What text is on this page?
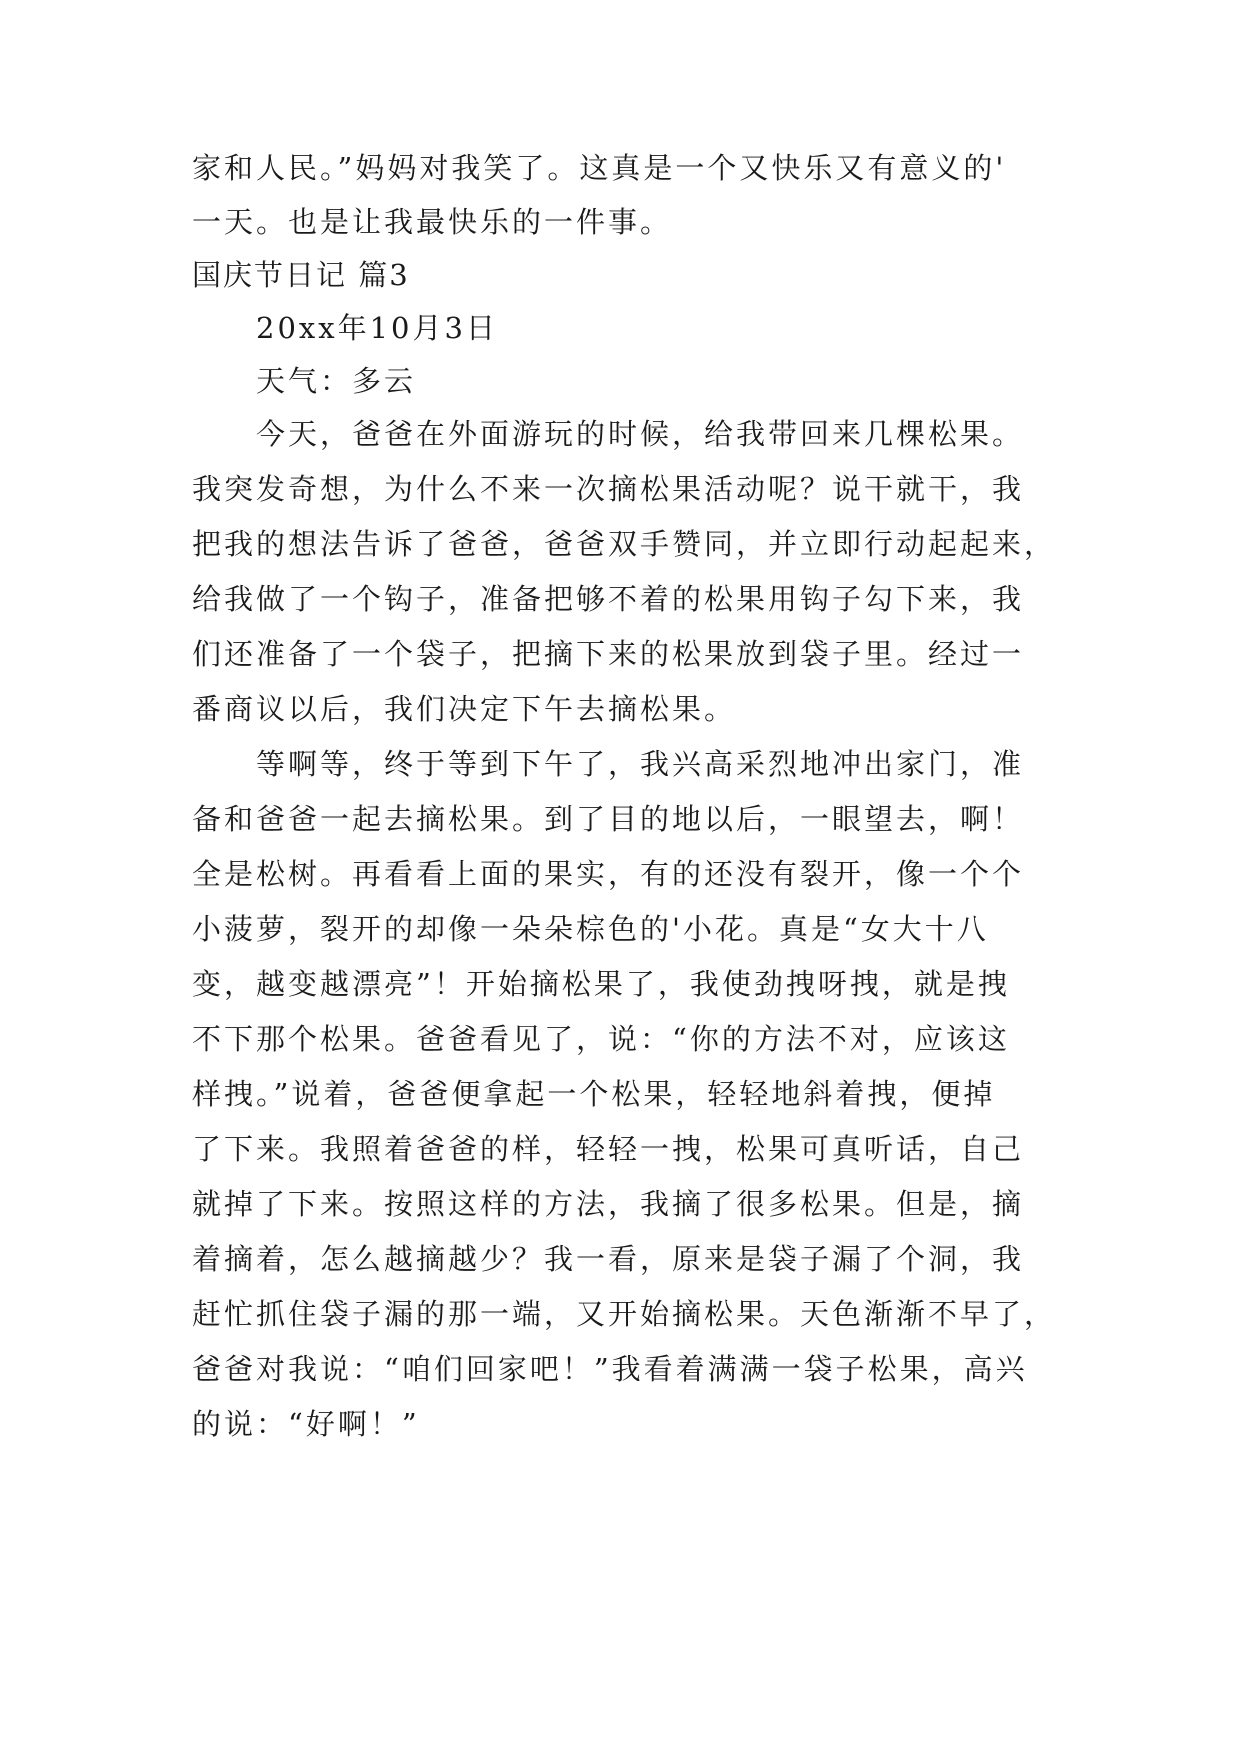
家和人民。”妈妈对我笑了。这真是一个又快乐又有意义的'
一天。也是让我最快乐的一件事。
国庆节日记 篇3
20xx年10月3日
天气：多云
今天，爸爸在外面游玩的时候，给我带回来几棵松果。
我突发奇想，为什么不来一次摘松果活动呢？说干就干，我
把我的想法告诉了爸爸，爸爸双手赞同，并立即行动起起来，
给我做了一个钩子，准备把够不着的松果用钩子勾下来，我
们还准备了一个袋子，把摘下来的松果放到袋子里。经过一
番商议以后，我们决定下午去摘松果。
等啊等，终于等到下午了，我兴高采烈地冲出家门，准
备和爸爸一起去摘松果。到了目的地以后，一眼望去，啊！
全是松树。再看看上面的果实，有的还没有裂开，像一个个
小菠萝，裂开的却像一朵朵棕色的'小花。真是“女大十八
变，越变越漂亮”！开始摘松果了，我使劲拽呀拽，就是拽
不下那个松果。爸爸看见了，说：“你的方法不对，应该这
样拽。”说着，爸爸便拿起一个松果，轻轻地斜着拽，便掉
了下来。我照着爸爸的样，轻轻一拽，松果可真听话，自己
就掉了下来。按照这样的方法，我摘了很多松果。但是，摘
着摘着，怎么越摘越少？我一看，原来是袋子漏了个洞，我
赶忙抓住袋子漏的那一端，又开始摘松果。天色渐渐不早了，
爸爸对我说：“咱们回家吧！”我看着满满一袋子松果，高兴
的说：“好啊！”
